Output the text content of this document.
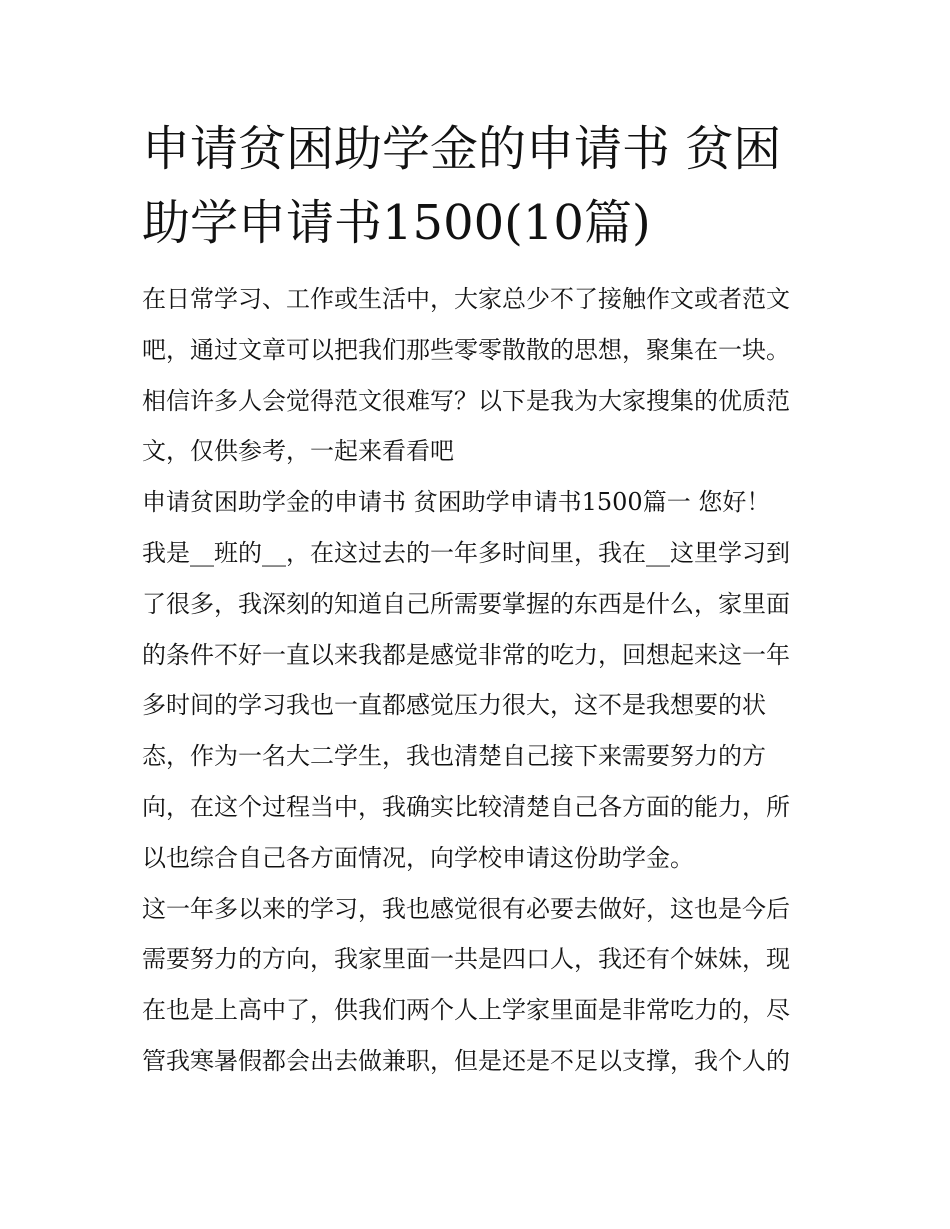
申请贫困助学金的申请书 贫困
助学申请书1500(10篇)
在日常学习、工作或生活中，大家总少不了接触作文或者范文
吧，通过文章可以把我们那些零零散散的思想，聚集在一块。
相信许多人会觉得范文很难写？以下是我为大家搜集的优质范
文，仅供参考，一起来看看吧
申请贫困助学金的申请书 贫困助学申请书1500篇一 您好！
我是__班的__，在这过去的一年多时间里，我在__这里学习到
了很多，我深刻的知道自己所需要掌握的东西是什么，家里面
的条件不好一直以来我都是感觉非常的吃力，回想起来这一年
多时间的学习我也一直都感觉压力很大，这不是我想要的状
态，作为一名大二学生，我也清楚自己接下来需要努力的方
向，在这个过程当中，我确实比较清楚自己各方面的能力，所
以也综合自己各方面情况，向学校申请这份助学金。
这一年多以来的学习，我也感觉很有必要去做好，这也是今后
需要努力的方向，我家里面一共是四口人，我还有个妹妹，现
在也是上高中了，供我们两个人上学家里面是非常吃力的，尽
管我寒暑假都会出去做兼职，但是还是不足以支撑，我个人的
